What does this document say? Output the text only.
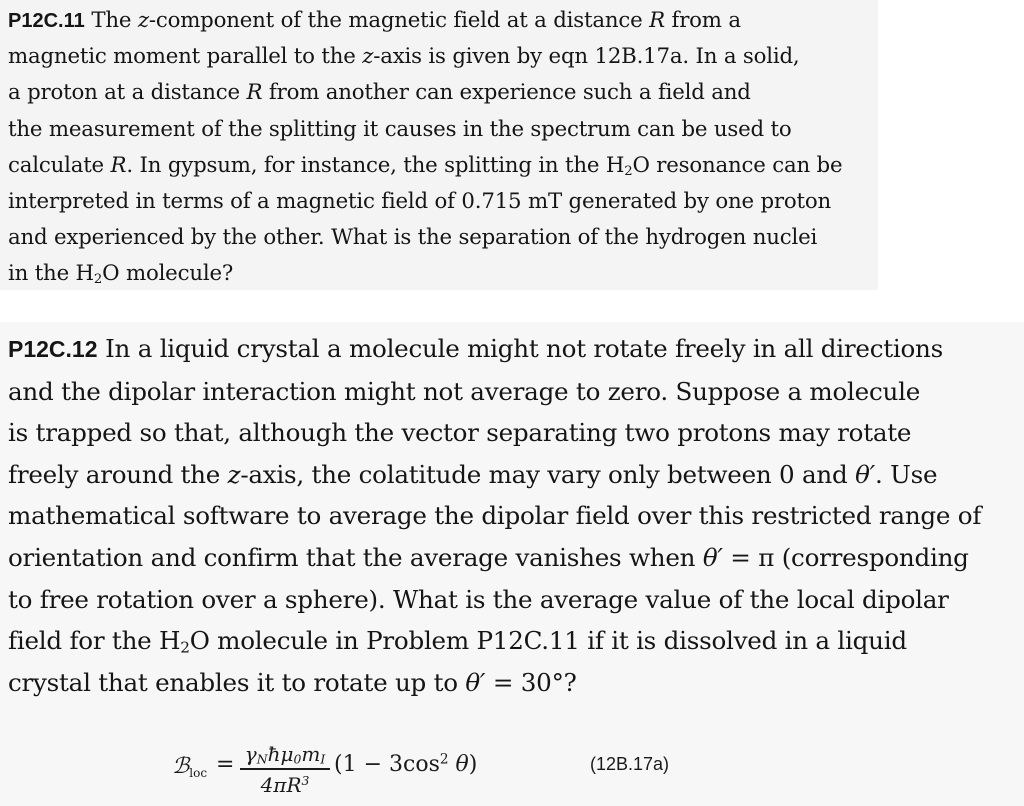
P12C.11 The z-component of the magnetic field at a distance R from a
magnetic moment parallel to the z-axis is given by eqn 12B.17a. In a solid,
a proton at a distance R from another can experience such a field and
the measurement of the splitting it causes in the spectrum can be used to
calculate R. In gypsum, for instance, the splitting in the $H_2O$ resonance can be
interpreted in terms of a magnetic field of 0.715 mT generated by one proton
and experienced by the other. What is the separation of the hydrogen nuclei
in the $H_2O$ molecule?
P12C.12 In a liquid crystal a molecule might not rotate freely in all directions
and the dipolar interaction might not average to zero. Suppose a molecule
is trapped so that, although the vector separating two protons may rotate
freely around the z-axis, the colatitude may vary only between 0 and θ′. Use
mathematical software to average the dipolar field over this restricted range of
orientation and confirm that the average vanishes when θ′ = π (corresponding
to free rotation over a sphere). What is the average value of the local dipolar
field for the $H_2O$ molecule in Problem P12C.11 if it is dissolved in a liquid
crystal that enables it to rotate up to θ′ = 30°?
ℬ$_{loc}$ = $\gamma_Nħ\mu_0m_I$
$4\pi R^3$
($1 - 3\cos^2$ θ)	(12B.17a)
